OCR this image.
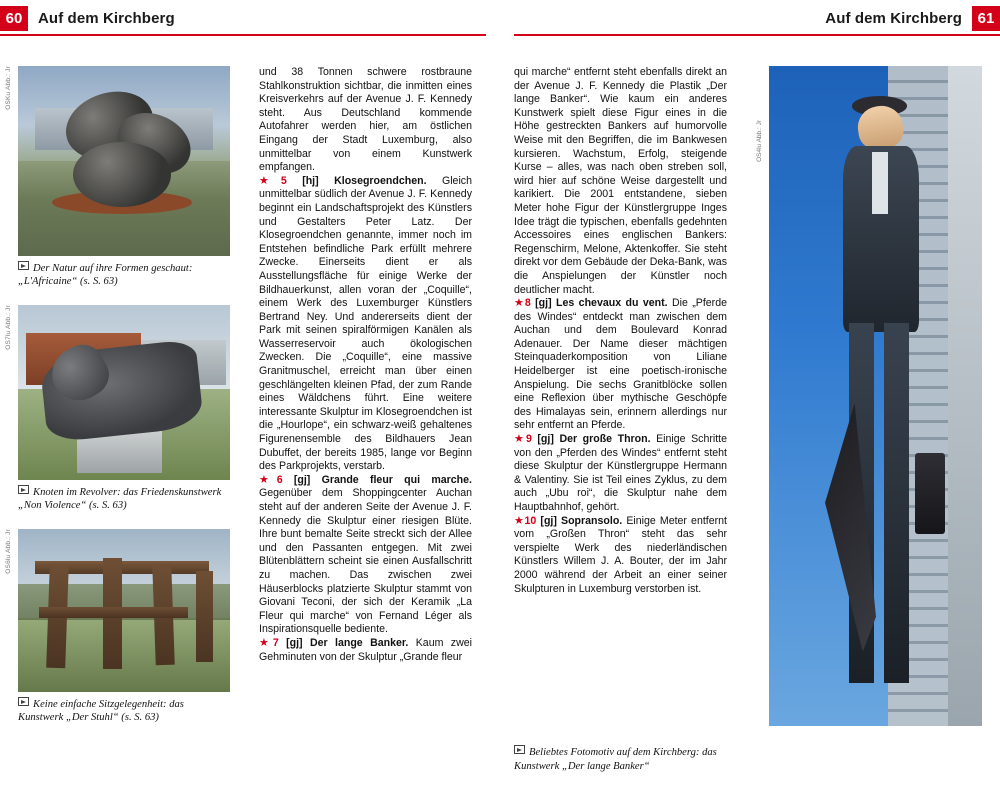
60	Auf dem Kirchberg	Auf dem Kirchberg	61
OSKu Abb.: Jr
Der Natur auf ihre Formen geschaut: „L'Africaine“ (s. S. 63)
OS7lu Abb.: Jr
Knoten im Revolver: das Friedenskunstwerk „Non Violence“ (s. S. 63)
OS6lu Abb.: Jr
Keine einfache Sitzgelegenheit: das Kunstwerk „Der Stuhl“ (s. S. 63)

und 38 Tonnen schwere rostbraune Stahlkonstruktion sichtbar, die inmitten eines Kreisverkehrs auf der Avenue J. F. Kennedy steht. Aus Deutschland kommende Autofahrer werden hier, am östlichen Eingang der Stadt Luxemburg, also unmittelbar von einem Kunstwerk empfangen.

★5 [hj] Klosegroendchen. Gleich unmittelbar südlich der Avenue J. F. Kennedy beginnt ein Landschaftsprojekt des Künstlers und Gestalters Peter Latz. Der Klosegroendchen genannte, immer noch im Entstehen befindliche Park erfüllt mehrere Zwecke. Einerseits dient er als Ausstellungsfläche für einige Werke der Bildhauerkunst, allen voran der „Coquille“, einem Werk des Luxemburger Künstlers Bertrand Ney. Und andererseits dient der Park mit seinen spiralförmigen Kanälen als Wasserreservoir auch ökologischen Zwecken. Die „Coquille“, eine massive Granitmuschel, erreicht man über einen geschlängelten kleinen Pfad, der zum Rande eines Wäldchens führt. Eine weitere interessante Skulptur im Klosegroendchen ist die „Hourlope“, ein schwarz-weiß gehaltenes Figurenensemble des Bildhauers Jean Dubuffet, der bereits 1985, lange vor Beginn des Parkprojekts, verstarb.

★6 [gj] Grande fleur qui marche. Gegenüber dem Shoppingcenter Auchan steht auf der anderen Seite der Avenue J. F. Kennedy die Skulptur einer riesigen Blüte. Ihre bunt bemalte Seite streckt sich der Allee und den Passanten entgegen. Mit zwei Blütenblättern scheint sie einen Ausfallschritt zu machen. Das zwischen zwei Häuserblocks platzierte Skulptur stammt von Giovani Teconi, der sich der Keramik „La Fleur qui marche“ von Fernand Léger als Inspirationsquelle bediente.

★7 [gj] Der lange Banker. Kaum zwei Gehminuten von der Skulptur „Grande fleur

qui marche“ entfernt steht ebenfalls direkt an der Avenue J. F. Kennedy die Plastik „Der lange Banker“. Wie kaum ein anderes Kunstwerk spielt diese Figur eines in die Höhe gestreckten Bankers auf humorvolle Weise mit den Begriffen, die im Bankwesen kursieren. Wachstum, Erfolg, steigende Kurse – alles, was nach oben streben soll, wird hier auf schöne Weise dargestellt und karikiert. Die 2001 entstandene, sieben Meter hohe Figur der Künstlergruppe Inges Idee trägt die typischen, ebenfalls gedehnten Accessoires eines englischen Bankers: Regenschirm, Melone, Aktenkoffer. Sie steht direkt vor dem Gebäude der Deka-Bank, was die Anspielungen der Künstler noch deutlicher macht.

★8 [gj] Les chevaux du vent. Die „Pferde des Windes“ entdeckt man zwischen dem Auchan und dem Boulevard Konrad Adenauer. Der Name dieser mächtigen Steinquaderkomposition von Liliane Heidelberger ist eine poetisch-ironische Anspielung. Die sechs Granitblöcke sollen eine Reflexion über mythische Geschöpfe des Himalayas sein, erinnern allerdings nur sehr entfernt an Pferde.

★9 [gj] Der große Thron. Einige Schritte von den „Pferden des Windes“ entfernt steht diese Skulptur der Künstlergruppe Hermann & Valentiny. Sie ist Teil eines Zyklus, zu dem auch „Ubu roi“, die Skulptur nahe dem Hauptbahnhof, gehört.

★10 [gj] Sopransolo. Einige Meter entfernt vom „Großen Thron“ steht das sehr verspielte Werk des niederländischen Künstlers Willem J. A. Bouter, der im Jahr 2000 während der Arbeit an einer seiner Skulpturen in Luxemburg verstorben ist.

OS4lu Abb.: Jr
Beliebtes Fotomotiv auf dem Kirchberg: das Kunstwerk „Der lange Banker“
